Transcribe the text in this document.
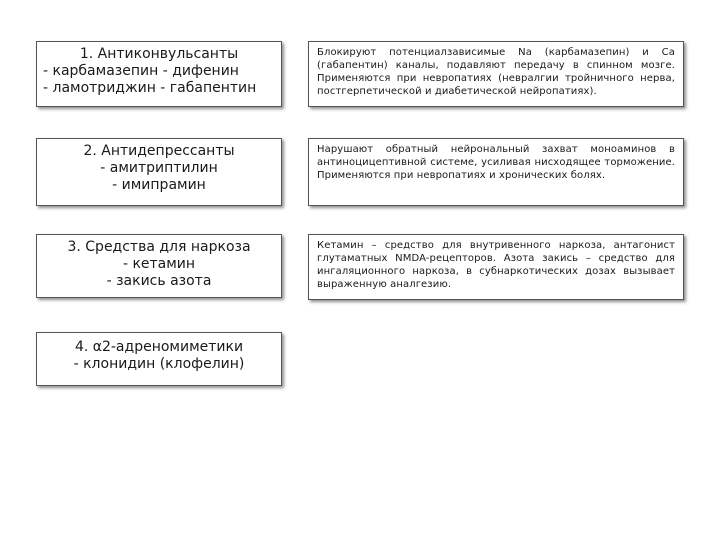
1. Антиконвульсанты
- карбамазепин - дифенин
- ламотриджин - габапентин
Блокируют потенциалзависимые Na (карбамазепин) и Ca (габапентин) каналы, подавляют передачу в спинном мозге. Применяются при невропатиях (невралгии тройничного нерва, постгерпетической и диабетической нейропатиях).
2. Антидепрессанты
- амитриптилин
- имипрамин
Нарушают обратный нейрональный захват моноаминов в антиноцицептивной системе, усиливая нисходящее торможение. Применяются при невропатиях и хронических болях.
3. Средства для наркоза
- кетамин
- закись азота
Кетамин – средство для внутривенного наркоза, антагонист глутаматных NMDA-рецепторов. Азота закись – средство для ингаляционного наркоза, в субнаркотических дозах вызывает выраженную аналгезию.
4. α2-адреномиметики
- клонидин (клофелин)
